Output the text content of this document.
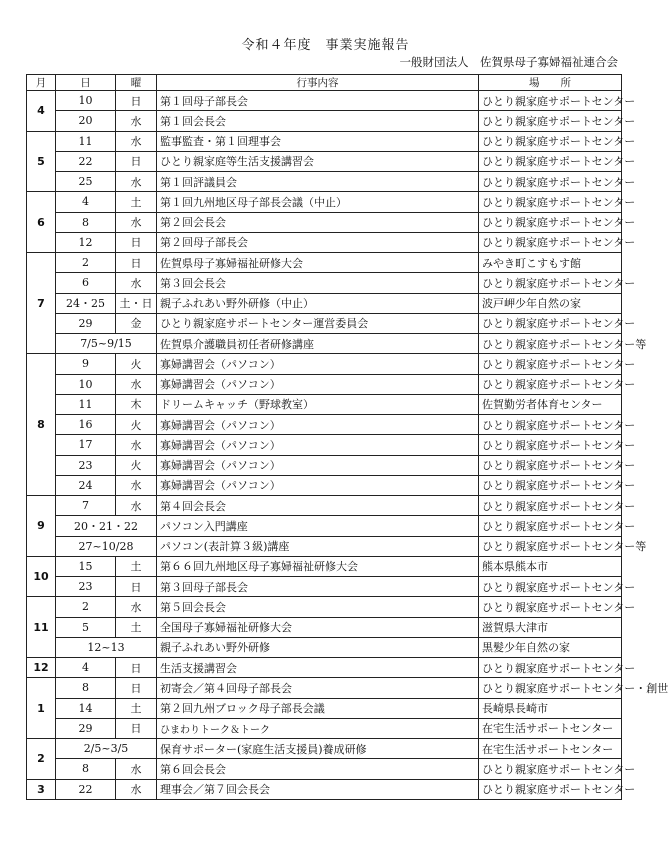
令和４年度　事業実施報告
一般財団法人　佐賀県母子寡婦福祉連合会
月	日	曜	行事内容	場　　所
4	10	日	第１回母子部長会	ひとり親家庭サポートセンター
	20	水	第１回会長会	ひとり親家庭サポートセンター
5	11	水	監事監査・第１回理事会	ひとり親家庭サポートセンター
	22	日	ひとり親家庭等生活支援講習会	ひとり親家庭サポートセンター
	25	水	第１回評議員会	ひとり親家庭サポートセンター
6	4	土	第１回九州地区母子部長会議（中止）	ひとり親家庭サポートセンター
	8	水	第２回会長会	ひとり親家庭サポートセンター
	12	日	第２回母子部長会	ひとり親家庭サポートセンター
7	2	日	佐賀県母子寡婦福祉研修大会	みやき町こすもす館
	6	水	第３回会長会	ひとり親家庭サポートセンター
	24・25	土・日	親子ふれあい野外研修（中止）	波戸岬少年自然の家
	29	金	ひとり親家庭サポートセンター運営委員会	ひとり親家庭サポートセンター
	7/5~9/15		佐賀県介護職員初任者研修講座	ひとり親家庭サポートセンター等
8	9	火	寡婦講習会（パソコン）	ひとり親家庭サポートセンター
	10	水	寡婦講習会（パソコン）	ひとり親家庭サポートセンター
	11	木	ドリームキャッチ（野球教室）	佐賀勤労者体育センター
	16	火	寡婦講習会（パソコン）	ひとり親家庭サポートセンター
	17	水	寡婦講習会（パソコン）	ひとり親家庭サポートセンター
	23	火	寡婦講習会（パソコン）	ひとり親家庭サポートセンター
	24	水	寡婦講習会（パソコン）	ひとり親家庭サポートセンター
9	7	水	第４回会長会	ひとり親家庭サポートセンター
	20・21・22		パソコン入門講座	ひとり親家庭サポートセンター
	27~10/28		パソコン(表計算３級)講座	ひとり親家庭サポートセンター等
10	15	土	第６６回九州地区母子寡婦福祉研修大会	熊本県熊本市
	23	日	第３回母子部長会	ひとり親家庭サポートセンター
11	2	水	第５回会長会	ひとり親家庭サポートセンター
	5	土	全国母子寡婦福祉研修大会	滋賀県大津市
	12~13		親子ふれあい野外研修	黒髪少年自然の家
12	4	日	生活支援講習会	ひとり親家庭サポートセンター
1	8	日	初寄会／第４回母子部長会	ひとり親家庭サポートセンター・創世
	14	土	第２回九州ブロック母子部長会議	長崎県長崎市
	29	日	ひまわりトーク＆トーク	在宅生活サポートセンター
2	2/5~3/5		保育サポーター(家庭生活支援員)養成研修	在宅生活サポートセンター
	8	水	第６回会長会	ひとり親家庭サポートセンター
3	22	水	理事会／第７回会長会	ひとり親家庭サポートセンター
